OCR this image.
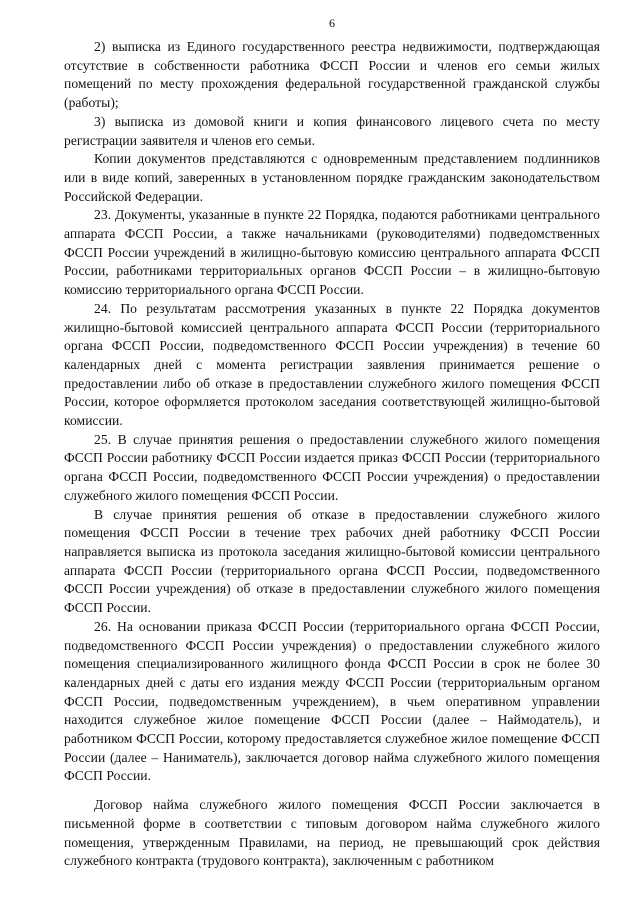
6

2) выписка из Единого государственного реестра недвижимости, подтверждающая отсутствие в собственности работника ФССП России и членов его семьи жилых помещений по месту прохождения федеральной государственной гражданской службы (работы);

3) выписка из домовой книги и копия финансового лицевого счета по месту регистрации заявителя и членов его семьи.

Копии документов представляются с одновременным представлением подлинников или в виде копий, заверенных в установленном порядке гражданским законодательством Российской Федерации.

23. Документы, указанные в пункте 22 Порядка, подаются работниками центрального аппарата ФССП России, а также начальниками (руководителями) подведомственных ФССП России учреждений в жилищно-бытовую комиссию центрального аппарата ФССП России, работниками территориальных органов ФССП России – в жилищно-бытовую комиссию территориального органа ФССП России.

24. По результатам рассмотрения указанных в пункте 22 Порядка документов жилищно-бытовой комиссией центрального аппарата ФССП России (территориального органа ФССП России, подведомственного ФССП России учреждения) в течение 60 календарных дней с момента регистрации заявления принимается решение о предоставлении либо об отказе в предоставлении служебного жилого помещения ФССП России, которое оформляется протоколом заседания соответствующей жилищно-бытовой комиссии.

25. В случае принятия решения о предоставлении служебного жилого помещения ФССП России работнику ФССП России издается приказ ФССП России (территориального органа ФССП России, подведомственного ФССП России учреждения) о предоставлении служебного жилого помещения ФССП России.

В случае принятия решения об отказе в предоставлении служебного жилого помещения ФССП России в течение трех рабочих дней работнику ФССП России направляется выписка из протокола заседания жилищно-бытовой комиссии центрального аппарата ФССП России (территориального органа ФССП России, подведомственного ФССП России учреждения) об отказе в предоставлении служебного жилого помещения ФССП России.

26. На основании приказа ФССП России (территориального органа ФССП России, подведомственного ФССП России учреждения) о предоставлении служебного жилого помещения специализированного жилищного фонда ФССП России в срок не более 30 календарных дней с даты его издания между ФССП России (территориальным органом ФССП России, подведомственным учреждением), в чьем оперативном управлении находится служебное жилое помещение ФССП России (далее – Наймодатель), и работником ФССП России, которому предоставляется служебное жилое помещение ФССП России (далее – Наниматель), заключается договор найма служебного жилого помещения ФССП России.

Договор найма служебного жилого помещения ФССП России заключается в письменной форме в соответствии с типовым договором найма служебного жилого помещения, утвержденным Правилами, на период, не превышающий срок действия служебного контракта (трудового контракта), заключенным с работником
